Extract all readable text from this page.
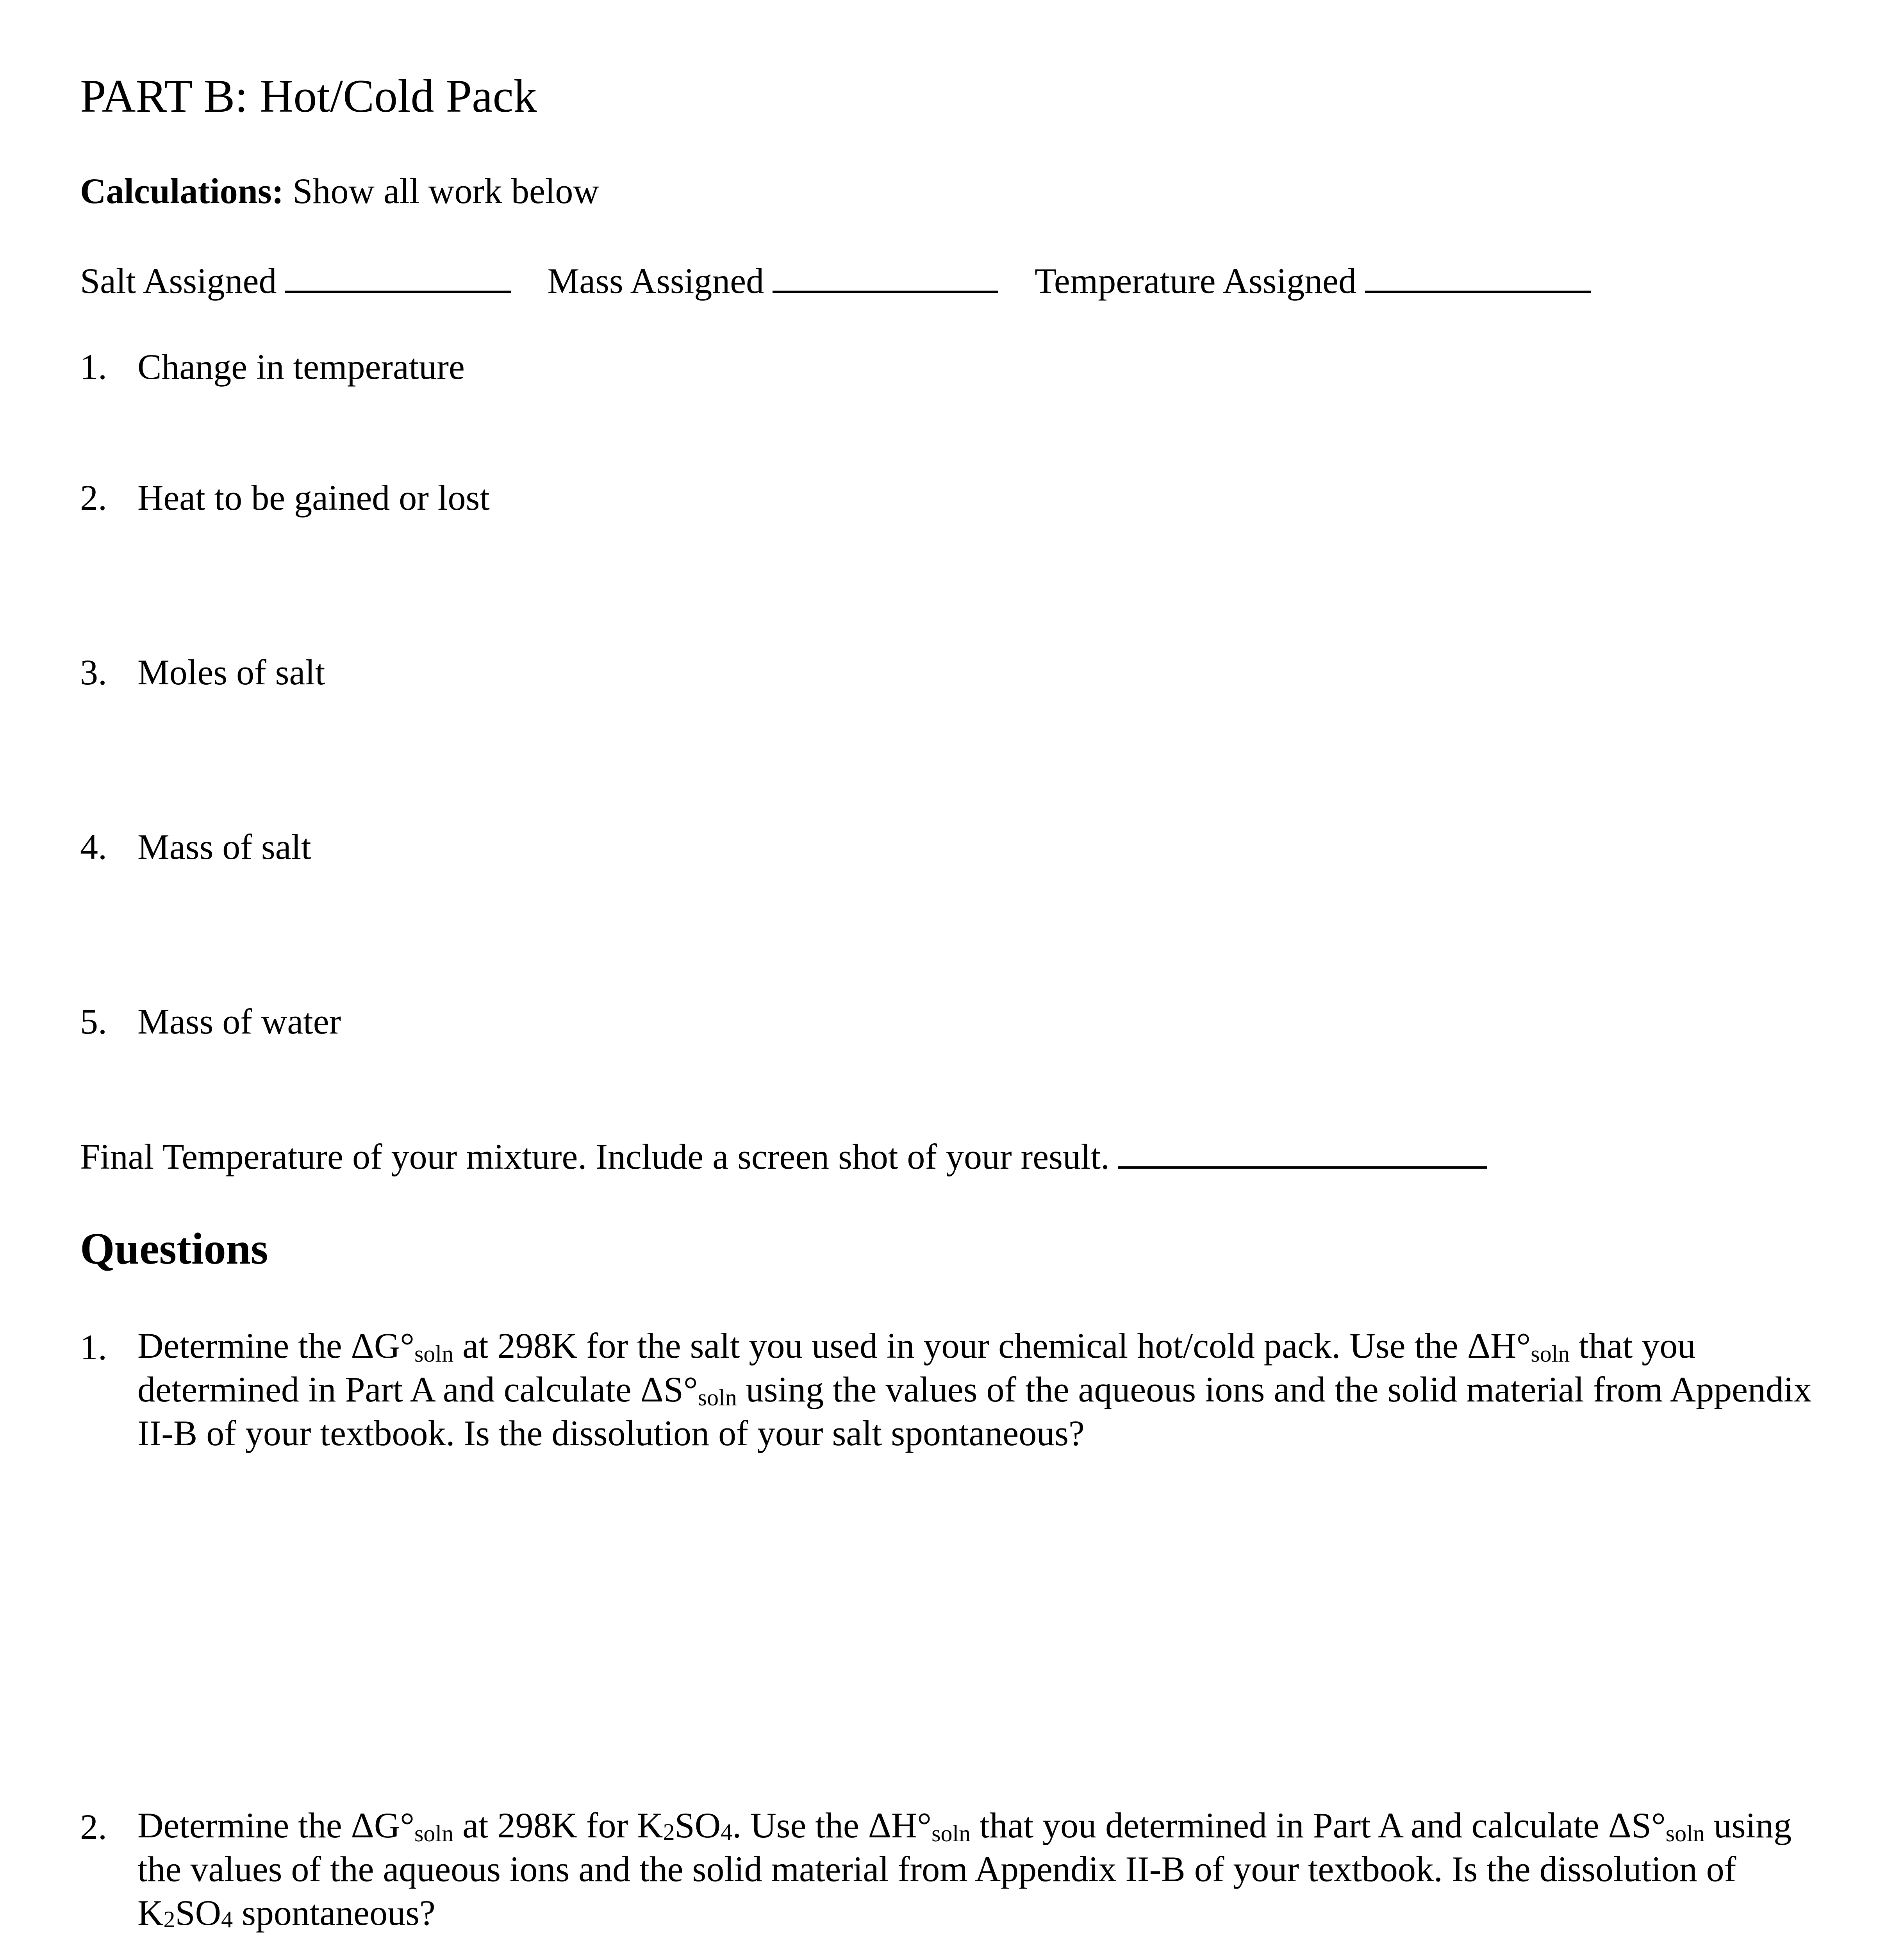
PART B: Hot/Cold Pack
Calculations: Show all work below
Salt Assigned	Mass Assigned	Temperature Assigned
1. Change in temperature
2. Heat to be gained or lost
3. Moles of salt
4. Mass of salt
5. Mass of water
Final Temperature of your mixture. Include a screen shot of your result.
Questions
1. Determine the $\Delta G^\circ_{soln}$ at 298K for the salt you used in your chemical hot/cold pack. Use the $\Delta H^\circ_{soln}$ that you determined in Part A and calculate $\Delta S^\circ_{soln}$ using the values of the aqueous ions and the solid material from Appendix II-B of your textbook. Is the dissolution of your salt spontaneous?
2. Determine the $\Delta G^\circ_{soln}$ at 298K for $K_2SO_4$. Use the $\Delta H^\circ_{soln}$ that you determined in Part A and calculate $\Delta S^\circ_{soln}$ using the values of the aqueous ions and the solid material from Appendix II-B of your textbook. Is the dissolution of $K_2SO_4$ spontaneous?
